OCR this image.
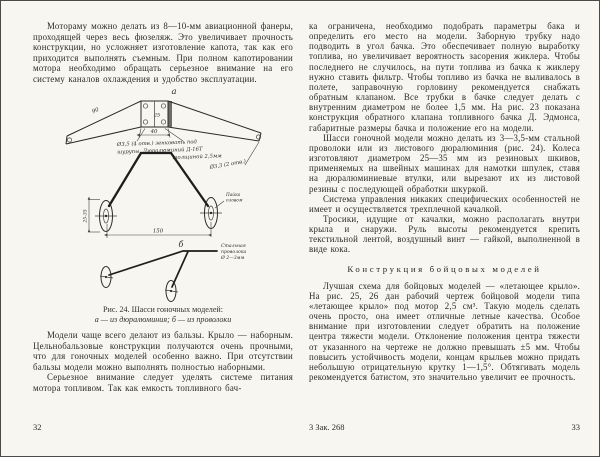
Мотораму можно делать из 8—10-мм авиационной фанеры, проходящей через весь фюзеляж. Это увеличивает прочность конструкции, но усложняет изготовление капота, так как его приходится выполнять съемным. При полном капотировании мотора необходимо обращать серьезное внимание на его систему каналов охлаждения и удобство эксплуатации.

а
25
40
90
Ø3,5 (4 отв.) зенковать под
шурупы. Дюралюминий Д-16Т
толщиной 2,5мм
Ø3,3 (2 отв.)
25-35
150
Пайка
оловом
б	Стальная
проволока
Ø 2—3мм
Рис. 24. Шасси гоночных моделей:
а — из дюралюминия; б — из проволоки

Модели чаще всего делают из бальзы. Крыло — наборным. Цельнобальзовые конструкции получаются очень прочными, что для гоночных моделей особенно важно. При отсутствии бальзы модели можно выполнять полностью наборными.

Серьезное внимание следует уделять системе питания мотора топливом. Так как емкость топливного бач-

32

ка ограничена, необходимо подобрать параметры бака и определить его место на модели. Заборную трубку надо подводить в угол бачка. Это обеспечивает полную выработку топлива, но увеличивает вероятность засорения жиклера. Чтобы последнего не случилось, на пути топлива из бачка к жиклеру нужно ставить фильтр. Чтобы топливо из бачка не выливалось в полете, заправочную горловину рекомендуется снабжать обратным клапаном. Все трубки в бачке следует делать с внутренним диаметром не более 1,5 мм. На рис. 23 показана конструкция обратного клапана топливного бачка Д. Эдмонса, габаритные размеры бачка и положение его на модели.

Шасси гоночной модели можно делать из 3—3,5-мм стальной проволоки или из листового дюралюминия (рис. 24). Колеса изготовляют диаметром 25—35 мм из резиновых шкивов, применяемых на швейных машинах для намотки шпулек, ставя на дюралюминиевые втулки, или вырезают их из листовой резины с последующей обработки шкуркой.

Система управления никаких специфических особенностей не имеет и осуществляется трехплечной качалкой.

Тросики, идущие от качалки, можно располагать внутри крыла и снаружи. Руль высоты рекомендуется крепить текстильной лентой, воздушный винт — гайкой, выполненной в виде кока.

Конструкция бойцовых моделей

Лучшая схема для бойцовых моделей — «летающее крыло». На рис. 25, 26 дан рабочий чертеж бойцовой модели типа «летающее крыло» под мотор 2,5 см³. Такую модель сделать очень просто, она имеет отличные летные качества. Особое внимание при изготовлении следует обратить на положение центра тяжести модели. Отклонение положения центра тяжести от указанного на чертеже не должно превышать ±5 мм. Чтобы повысить устойчивость модели, концам крыльев можно придать небольшую отрицательную крутку 1—1,5°. Обтягивать модель рекомендуется батистом, это значительно увеличит ее прочность.

3 Зак. 268	33
